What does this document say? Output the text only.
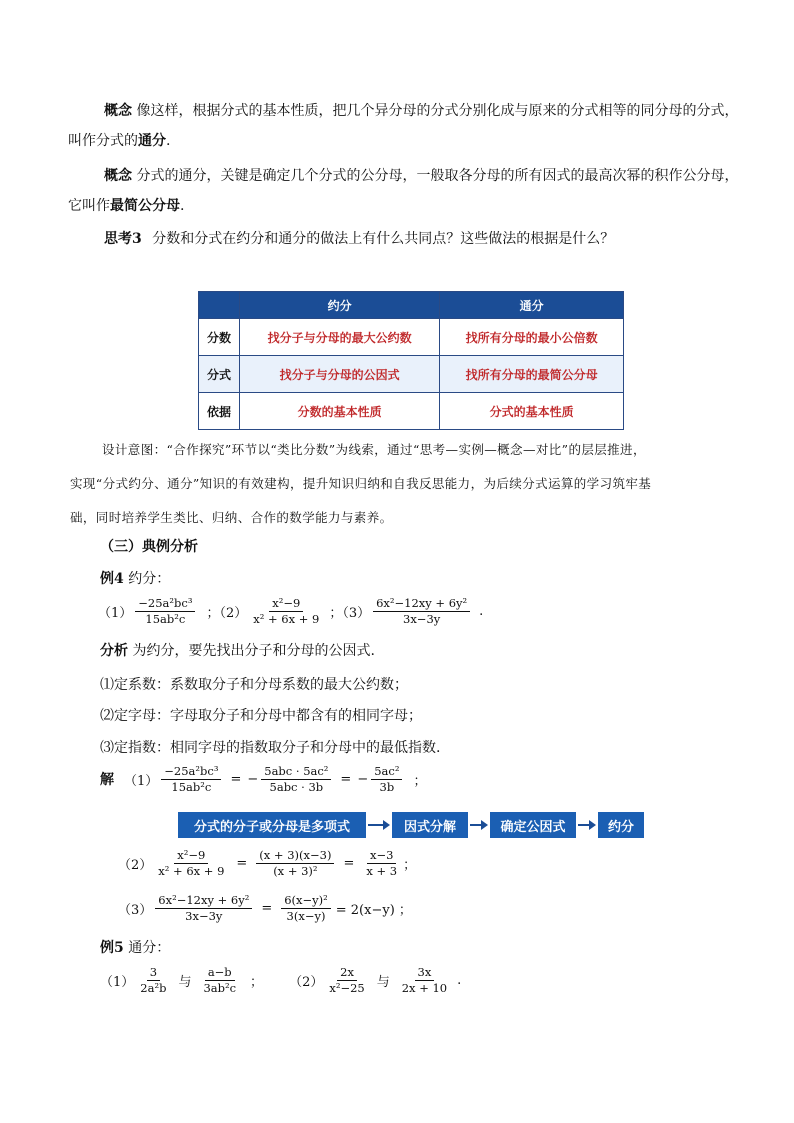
概念 像这样，根据分式的基本性质，把几个异分母的分式分别化成与原来的分式相等的同分母的分式，
叫作分式的通分.
概念 分式的通分，关键是确定几个分式的公分母，一般取各分母的所有因式的最高次幂的积作公分母，
它叫作最简公分母.
思考3 分数和分式在约分和通分的做法上有什么共同点？这些做法的根据是什么？
	约分	通分
分数	找分子与分母的最大公约数	找所有分母的最小公倍数
分式	找分子与分母的公因式	找所有分母的最简公分母
依据	分数的基本性质	分式的基本性质
设计意图：“合作探究”环节以“类比分数”为线索，通过“思考—实例—概念—对比”的层层推进，
实现“分式约分、通分”知识的有效建构，提升知识归纳和自我反思能力，为后续分式运算的学习筑牢基
础，同时培养学生类比、归纳、合作的数学能力与素养。
（三）典例分析
例4 约分：
$(1) \frac{\text{−25a²bc³}}{\text{15ab²c}}$ ；$(2) \frac{\text{x²−9}}{\text{x² + 6x + 9}}$ ；$(3) \frac{\text{6x²−12xy + 6y²}}{3x-3y}$ .
分析 为约分，要先找出分子和分母的公因式.
⑴定系数：系数取分子和分母系数的最大公约数；
⑵定字母：字母取分子和分母中都含有的相同字母；
⑶定指数：相同字母的指数取分子和分母中的最低指数.
解 $(1) \frac{\text{−25a²bc³}}{\text{15ab²c}}$ = − $\frac{\text{5abc · 5ac²}}{\text{5abc · 3b}}$ = − $\frac{\text{5ac²}}{3b}$ ；
分式的分子或分母是多项式	因式分解	确定公因式	约分
$(2) \frac{\text{x²−9}}{\text{x² + 6x + 9}} = \frac{(x + 3)(x-3)}{\text{(x + 3)²}} = \frac{x-3}{x + 3}$ ；
$(3) \frac{\text{6x²−12xy + 6y²}}{3x-3y} = \frac{\text{6(x−y)²}}{3(x-y)} = 2(x-y)$ ；
例5 通分：
$(1) \frac{3}{\text{2a²b}}$ 与 $\frac{a-b}{\text{3ab²c}}$ ； $(2) \frac{2x}{\text{x²−25}}$ 与 $\frac{3x}{2x + 10}$ .
